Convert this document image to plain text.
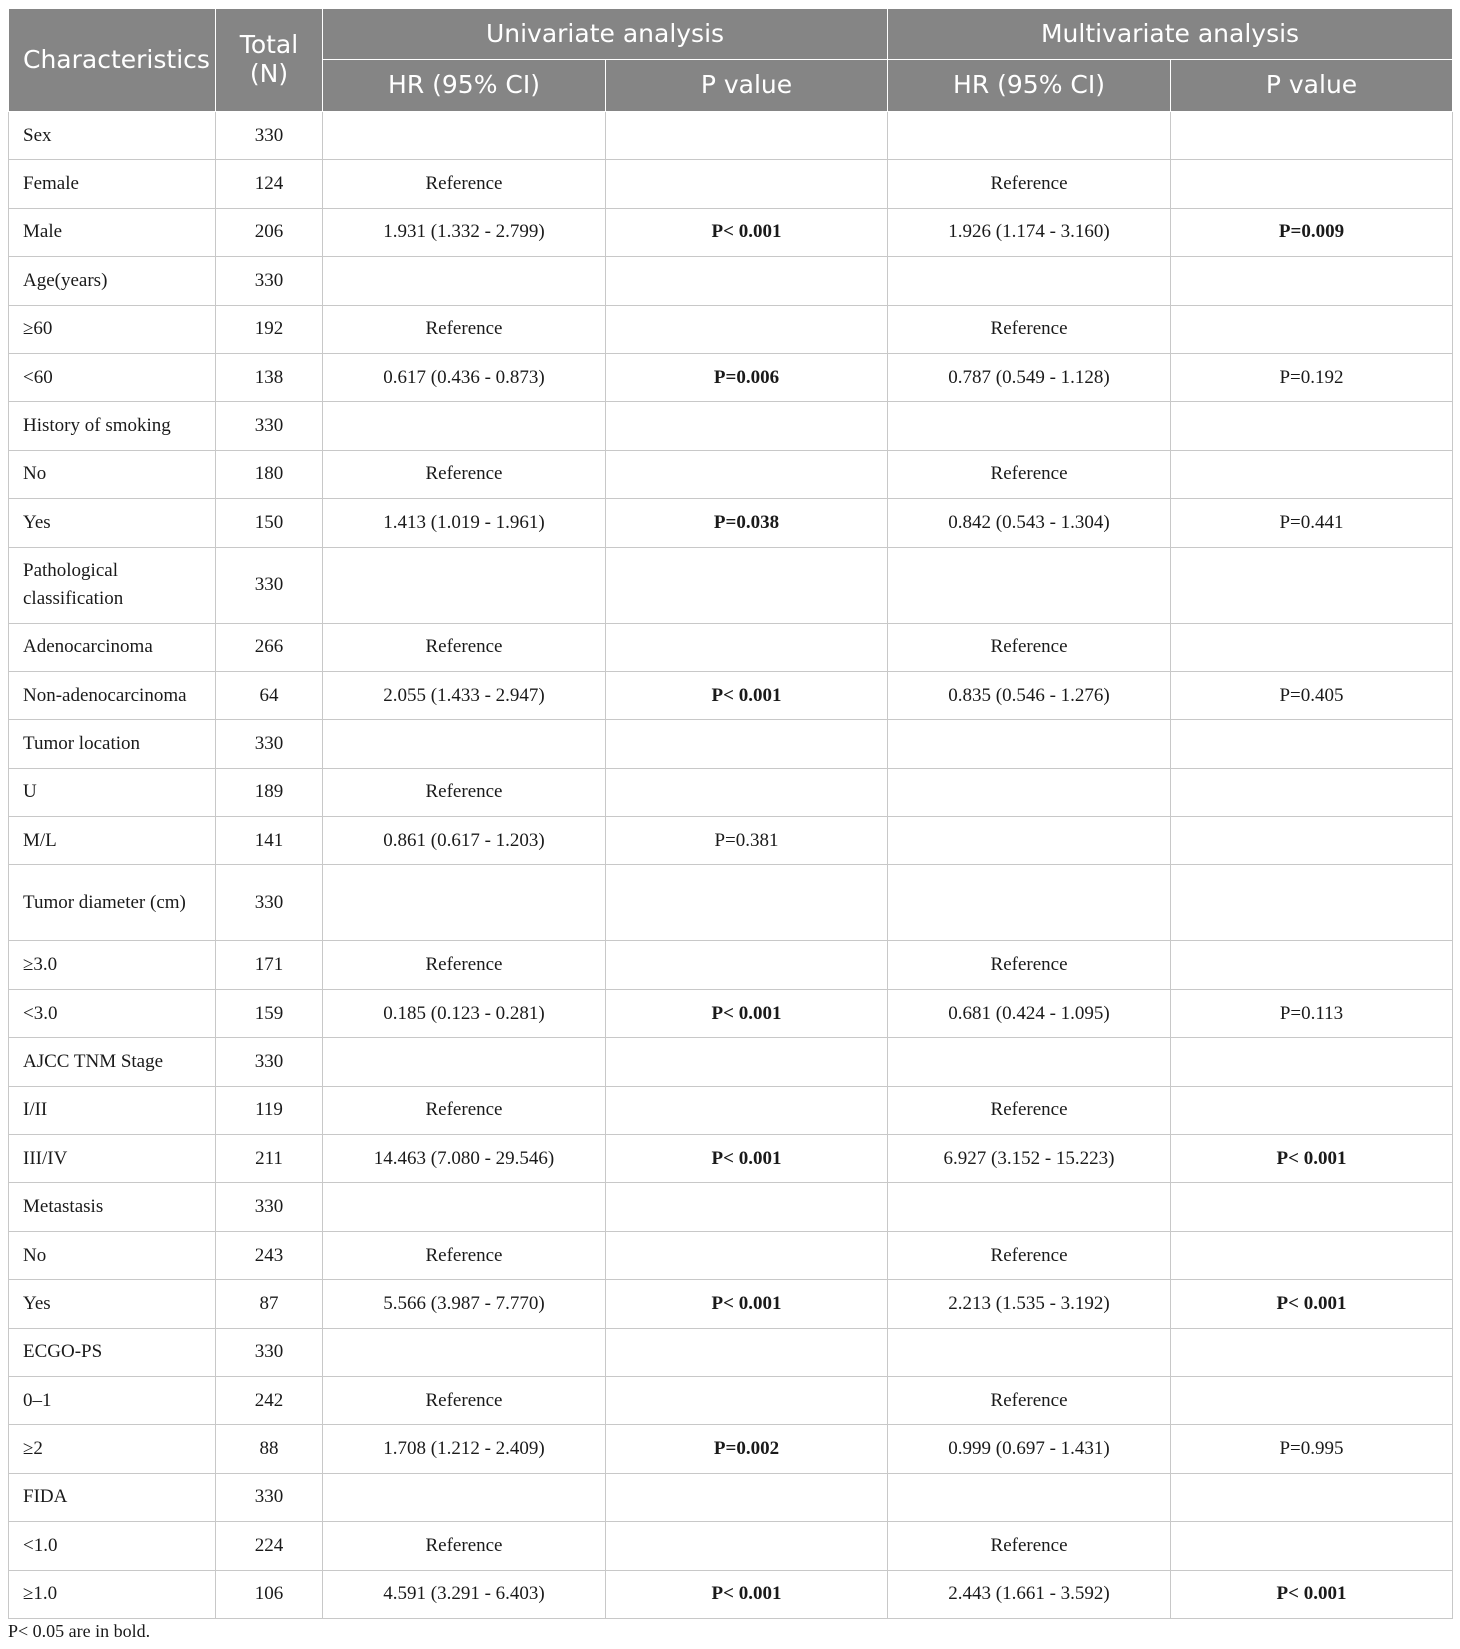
Characteristics	Total (N)	Univariate analysis		Multivariate analysis	
		HR (95% CI)	P value	HR (95% CI)	P value
Sex	330				
Female	124	Reference		Reference	
Male	206	1.931 (1.332 - 2.799)	P< 0.001	1.926 (1.174 - 3.160)	P=0.009
Age(years)	330				
≥60	192	Reference		Reference	
<60	138	0.617 (0.436 - 0.873)	P=0.006	0.787 (0.549 - 1.128)	P=0.192
History of smoking	330				
No	180	Reference		Reference	
Yes	150	1.413 (1.019 - 1.961)	P=0.038	0.842 (0.543 - 1.304)	P=0.441
Pathological classification	330				
Adenocarcinoma	266	Reference		Reference	
Non-adenocarcinoma	64	2.055 (1.433 - 2.947)	P< 0.001	0.835 (0.546 - 1.276)	P=0.405
Tumor location	330				
U	189	Reference			
M/L	141	0.861 (0.617 - 1.203)	P=0.381		
Tumor diameter (cm)	330				
≥3.0	171	Reference		Reference	
<3.0	159	0.185 (0.123 - 0.281)	P< 0.001	0.681 (0.424 - 1.095)	P=0.113
AJCC TNM Stage	330				
I/II	119	Reference		Reference	
III/IV	211	14.463 (7.080 - 29.546)	P< 0.001	6.927 (3.152 - 15.223)	P< 0.001
Metastasis	330				
No	243	Reference		Reference	
Yes	87	5.566 (3.987 - 7.770)	P< 0.001	2.213 (1.535 - 3.192)	P< 0.001
ECGO-PS	330				
0–1	242	Reference		Reference	
≥2	88	1.708 (1.212 - 2.409)	P=0.002	0.999 (0.697 - 1.431)	P=0.995
FIDA	330				
<1.0	224	Reference		Reference	
≥1.0	106	4.591 (3.291 - 6.403)	P< 0.001	2.443 (1.661 - 3.592)	P< 0.001
P< 0.05 are in bold.
